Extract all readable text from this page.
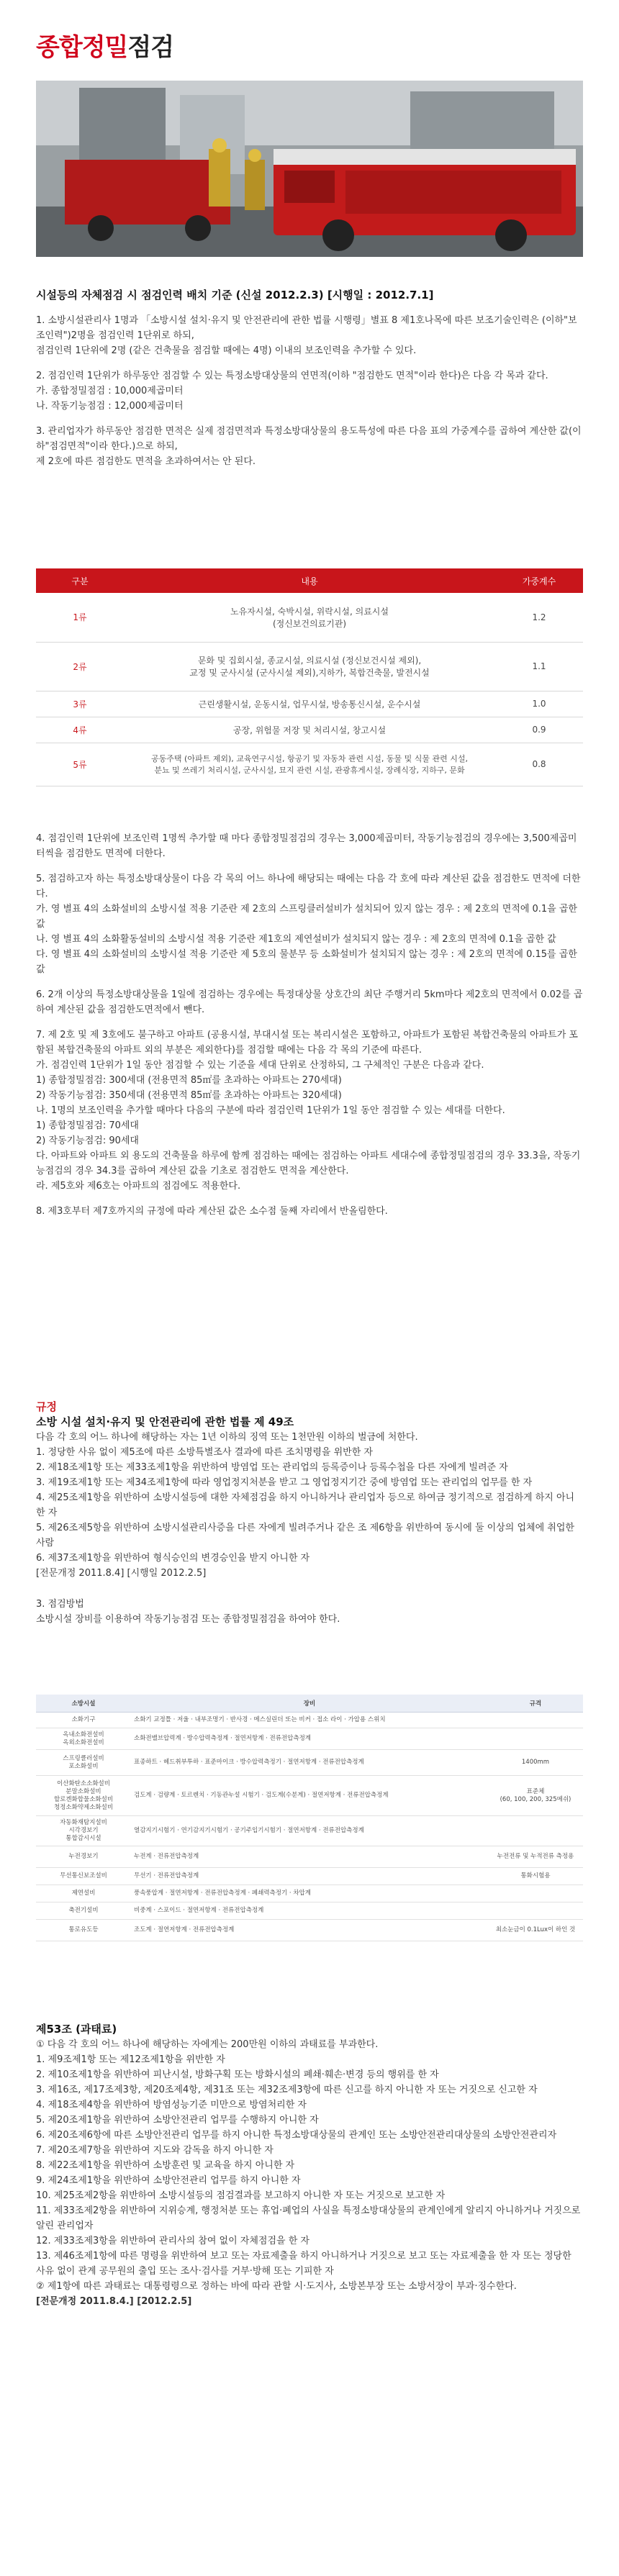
종합정밀점검
시설등의 자체점검 시 점검인력 배치 기준 (신설 2012.2.3) [시행일 : 2012.7.1]

1. 소방시설관리사 1명과 「소방시설 설치·유지 및 안전관리에 관한 법률 시행령」별표 8 제1호나목에 따른 보조기술인력은 (이하"보조인력")2명을 점검인력 1단위로 하되,
점검인력 1단위에 2명 (같은 건축물을 점검할 때에는 4명) 이내의 보조인력을 추가할 수 있다.

2. 점검인력 1단위가 하루동안 점검할 수 있는 특정소방대상물의 연면적(이하 "점검한도 면적"이라 한다)은 다음 각 목과 같다.
가. 종합정밀점검 : 10,000제곱미터
나. 작동기능점검 : 12,000제곱미터

3. 관리업자가 하루동안 점검한 면적은 실제 점검면적과 특정소방대상물의 용도특성에 따른 다음 표의 가중계수를 곱하여 계산한 값(이하"점검면적"이라 한다.)으로 하되,
제 2호에 따른 점검한도 면적을 초과하여서는 안 된다.

구분	내용	가중계수
1류	노유자시설, 숙박시설, 위락시설, 의료시설
(정신보건의료기관)	1.2
2류	문화 및 집회시설, 종교시설, 의료시설 (정신보건시설 제외),
교정 및 군사시설 (군사시설 제외),지하가, 복합건축물, 발전시설	1.1
3류	근린생활시설, 운동시설, 업무시설, 방송통신시설, 운수시설	1.0
4류	공장, 위험물 저장 및 처리시설, 창고시설	0.9
5류	공동주택 (아파트 제외), 교육연구시설, 항공기 및 자동차 관련 시설, 동물 및 식물 관련 시설,
분뇨 및 쓰레기 처리시설, 군사시설, 묘지 관련 시설, 관광휴게시설, 장례식장, 지하구, 문화	0.8

4. 점검인력 1단위에 보조인력 1명씩 추가할 때 마다 종합정밀점검의 경우는 3,000제곱미터, 작동기능점검의 경우에는 3,500제곱미터씩을 점검한도 면적에 더한다.

5. 점검하고자 하는 특정소방대상물이 다음 각 목의 어느 하나에 해당되는 때에는 다음 각 호에 따라 계산된 값을 점검한도 면적에 더한다.
가. 영 별표 4의 소화설비의 소방시설 적용 기준란 제 2호의 스프링클러설비가 설치되어 있지 않는 경우 : 제 2호의 면적에 0.1을 곱한 값
나. 영 별표 4의 소화활동설비의 소방시설 적용 기준란 제1호의 제연설비가 설치되지 않는 경우 : 제 2호의 면적에 0.1을 곱한 값
다. 영 별표 4의 소화설비의 소방시설 적용 기준란 제 5호의 물분무 등 소화설비가 설치되지 않는 경우 : 제 2호의 면적에 0.15를 곱한 값

6. 2개 이상의 특정소방대상물을 1일에 점검하는 경우에는 특정대상물 상호간의 최단 주행거리 5km마다 제2호의 면적에서 0.02를 곱하여 계산된 값을 점검한도면적에서 뺀다.

7. 제 2호 및 제 3호에도 불구하고 아파트 (공용시설, 부대시설 또는 복리시설은 포함하고, 아파트가 포함된 복합건축물의 아파트가 포함된 복합건축물의 아파트 외의 부분은 제외한다)를 점검할 때에는 다음 각 목의 기준에 따른다.
가. 점검인력 1단위가 1일 동안 점검할 수 있는 기준을 세대 단위로 산정하되, 그 구체적인 구분은 다음과 같다.
1) 종합정밀점검: 300세대 (전용면적 85㎡를 초과하는 아파트는 270세대)
2) 작동기능점검: 350세대 (전용면적 85㎡를 초과하는 아파트는 320세대)
나. 1명의 보조인력을 추가할 때마다 다음의 구분에 따라 점검인력 1단위가 1일 동안 점검할 수 있는 세대를 더한다.
1) 종합정밀점검: 70세대
2) 작동기능점검: 90세대
다. 아파트와 아파트 외 용도의 건축물을 하루에 함께 점검하는 때에는 점검하는 아파트 세대수에 종합정밀점검의 경우 33.3을, 작동기능점검의 경우 34.3를 곱하여 계산된 값을 기초로 점검한도 면적을 계산한다.
라. 제5호와 제6호는 아파트의 점검에도 적용한다.

8. 제3호부터 제7호까지의 규정에 따라 계산된 값은 소수점 둘째 자리에서 반올림한다.

규정
소방 시설 설치·유지 및 안전관리에 관한 법률 제 49조

다음 각 호의 어느 하나에 해당하는 자는 1년 이하의 징역 또는 1천만원 이하의 벌금에 처한다.
1. 정당한 사유 없이 제5조에 따른 소방특별조사 결과에 따른 조치명령을 위반한 자
2. 제18조제1항 또는 제33조제1항을 위반하여 방염업 또는 관리업의 등록증이나 등록수첩을 다른 자에게 빌려준 자
3. 제19조제1항 또는 제34조제1항에 따라 영업정지처분을 받고 그 영업정지기간 중에 방염업 또는 관리업의 업무를 한 자
4. 제25조제1항을 위반하여 소방시설등에 대한 자체점검을 하지 아니하거나 관리업자 등으로 하여금 정기적으로 점검하게 하지 아니한 자
5. 제26조제5항을 위반하여 소방시설관리사증을 다른 자에게 빌려주거나 같은 조 제6항을 위반하여 동시에 둘 이상의 업체에 취업한 사람
6. 제37조제1항을 위반하여 형식승인의 변경승인을 받지 아니한 자
[전문개정 2011.8.4] [시행일 2012.2.5]

3. 점검방법

소방시설 장비를 이용하여 작동기능점검 또는 종합정밀점검을 하여야 한다.

소방시설	장비	규격
소화기구	소화기 교정틀 · 저울 · 내부조명기 · 반사경 · 메스실린더 또는 비커 · 접소 라이 · 가압용 스위치	
옥내소화전설비
옥외소화전설비	소화전밸브압력계 · 방수압력측정계 · 절연저항계 · 전류전압측정계	
스프링클러설비
포소화설비	표종하트 · 헤드취부투하 · 표준마이크 · 방수압력측정기 · 절연저항계 · 전류전압측정계	1400mm
이산화탄소소화설비
분말소화설비
할로겐화합물소화설비
청정소화약제소화설비	검도계 · 검량계 · 토르렌치 · 기동관누설 시험기 · 검도계(수분계) · 절연저항계 · 전류전압측정계	표준체
(60, 100, 200, 325메쉬)
자동화재탐지설비
시각경보기
통합감시시설	열감지기시험기 · 연기감지기시험기 · 공기주입기시험기 · 절연저항계 · 전류전압측정계	
누전경보기	누전계 · 전류전압측정계	누전전류 및 누적전류 측정용
무선통신보조설비	무선기 · 전류전압측정계	통화시험용
제연설비	풍속풍압계 · 절연저항계 · 전류전압측정계 · 폐쇄력측정기 · 차압계	
축전기설비	비중계 · 스포이드 · 절연저항계 · 전류전압측정계	
통로유도등	조도계 · 절연저항계 · 전류전압측정계	최소눈금이 0.1Lux이 하인 것
제53조 (과태료)

① 다음 각 호의 어느 하나에 해당하는 자에게는 200만원 이하의 과태료를 부과한다.
1. 제9조제1항 또는 제12조제1항을 위반한 자
2. 제10조제1항을 위반하여 피난시설, 방화구획 또는 방화시설의 폐쇄·훼손·변경 등의 행위를 한 자
3. 제16조, 제17조제3항, 제20조제4항, 제31조 또는 제32조제3항에 따른 신고를 하지 아니한 자 또는 거짓으로 신고한 자
4. 제18조제4항을 위반하여 방염성능기준 미만으로 방염처리한 자
5. 제20조제1항을 위반하여 소방안전관리 업무를 수행하지 아니한 자
6. 제20조제6항에 따른 소방안전관리 업무를 하지 아니한 특정소방대상물의 관계인 또는 소방안전관리대상물의 소방안전관리자
7. 제20조제7항을 위반하여 지도와 감독을 하지 아니한 자
8. 제22조제1항을 위반하여 소방훈련 및 교육을 하지 아니한 자
9. 제24조제1항을 위반하여 소방안전관리 업무를 하지 아니한 자
10. 제25조제2항을 위반하여 소방시설등의 점검결과를 보고하지 아니한 자 또는 거짓으로 보고한 자
11. 제33조제2항을 위반하여 지위승계, 행정처분 또는 휴업·폐업의 사실을 특정소방대상물의 관계인에게 알리지 아니하거나 거짓으로 알린 관리업자
12. 제33조제3항을 위반하여 관리사의 참여 없이 자체점검을 한 자
13. 제46조제1항에 따른 명령을 위반하여 보고 또는 자료제출을 하지 아니하거나 거짓으로 보고 또는 자료제출을 한 자 또는 정당한 사유 없이 관계 공무원의 출입 또는 조사·검사를 거부·방해 또는 기피한 자
② 제1항에 따른 과태료는 대통령령으로 정하는 바에 따라 관할 시·도지사, 소방본부장 또는 소방서장이 부과·징수한다.

[전문개정 2011.8.4.] [2012.2.5]
